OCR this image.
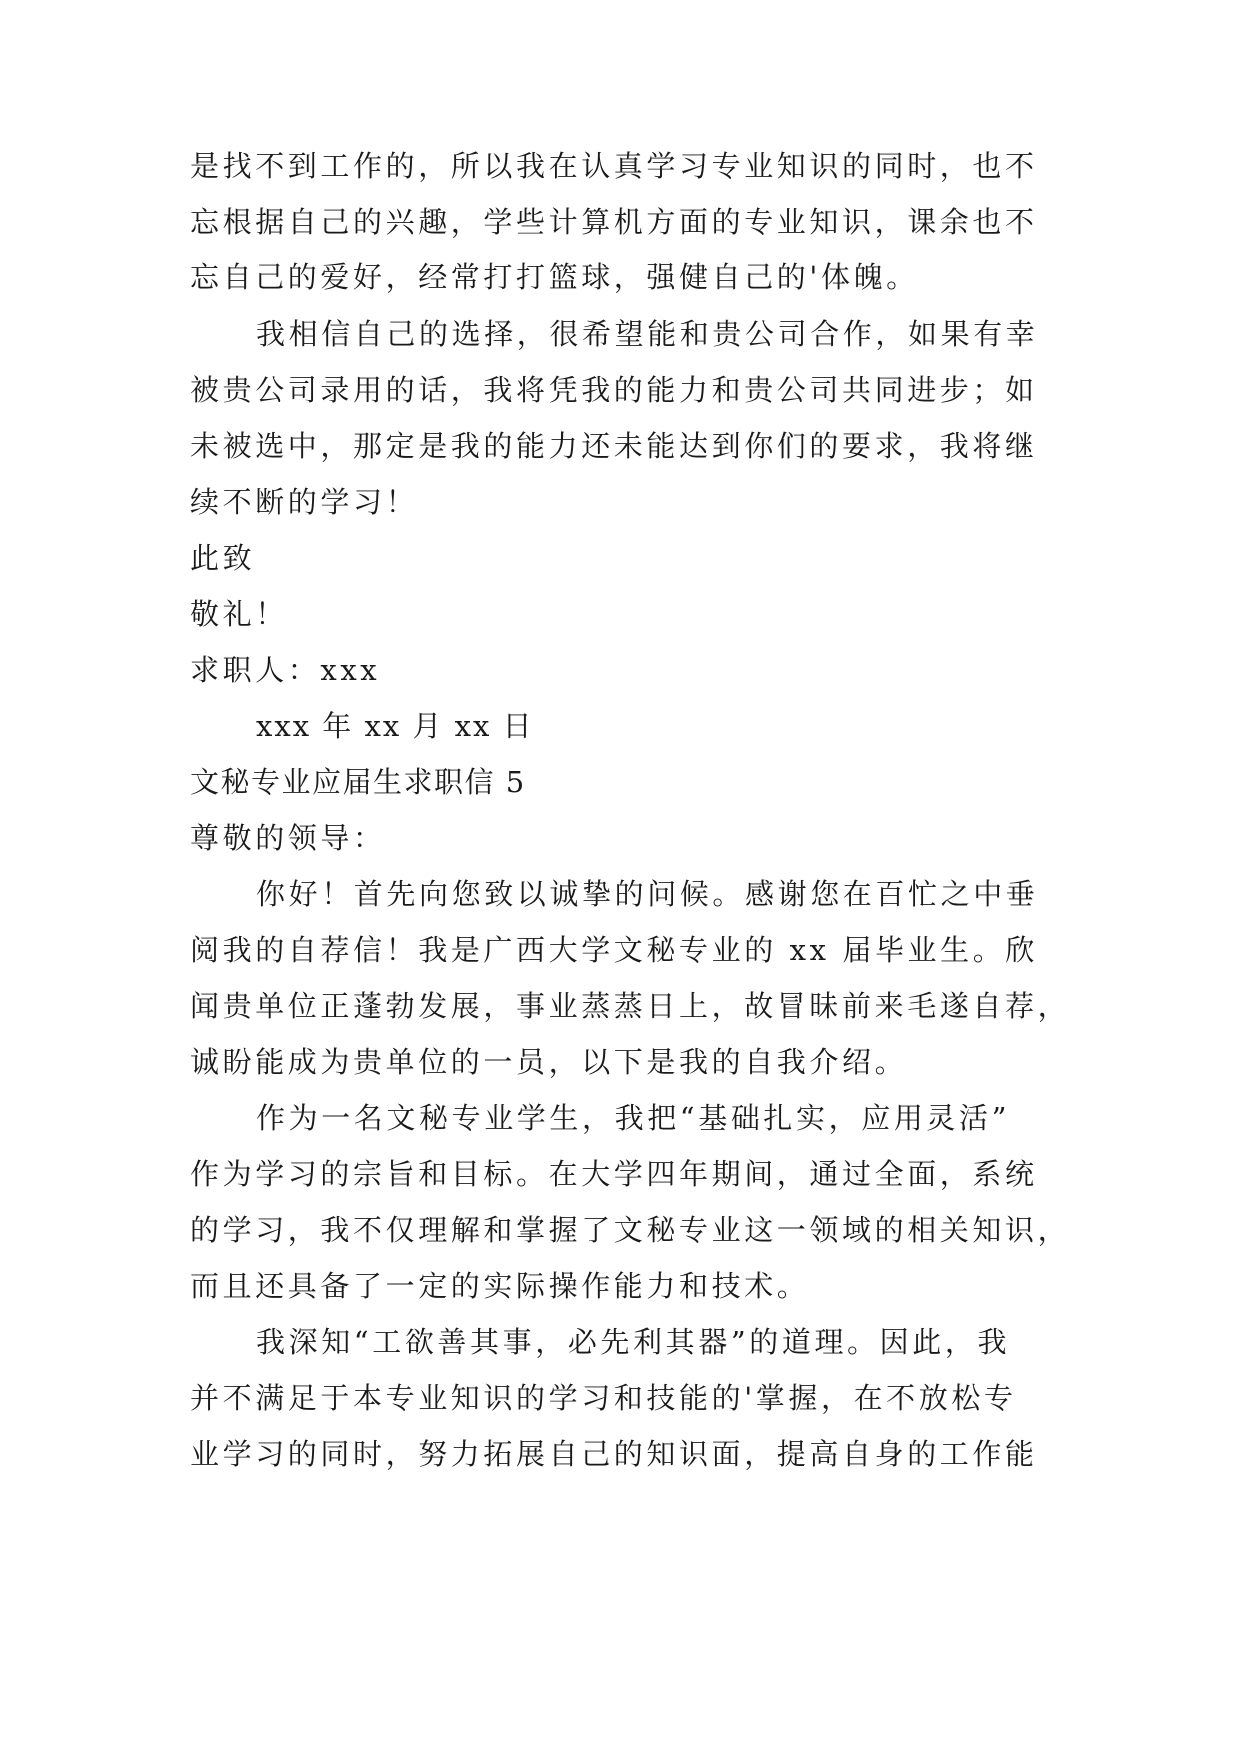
是找不到工作的，所以我在认真学习专业知识的同时，也不

忘根据自己的兴趣，学些计算机方面的专业知识，课余也不

忘自己的爱好，经常打打篮球，强健自己的'体魄。

我相信自己的选择，很希望能和贵公司合作，如果有幸

被贵公司录用的话，我将凭我的能力和贵公司共同进步；如

未被选中，那定是我的能力还未能达到你们的要求，我将继

续不断的学习！

此致

敬礼！

求职人：xxx

xxx 年 xx 月 xx 日

文秘专业应届生求职信 5

尊敬的领导：

你好！首先向您致以诚挚的问候。感谢您在百忙之中垂

阅我的自荐信！我是广西大学文秘专业的 xx 届毕业生。欣

闻贵单位正蓬勃发展，事业蒸蒸日上，故冒昧前来毛遂自荐，

诚盼能成为贵单位的一员，以下是我的自我介绍。

作为一名文秘专业学生，我把“基础扎实，应用灵活”

作为学习的宗旨和目标。在大学四年期间，通过全面，系统

的学习，我不仅理解和掌握了文秘专业这一领域的相关知识，

而且还具备了一定的实际操作能力和技术。

我深知“工欲善其事，必先利其器”的道理。因此，我

并不满足于本专业知识的学习和技能的'掌握，在不放松专

业学习的同时，努力拓展自己的知识面，提高自身的工作能
